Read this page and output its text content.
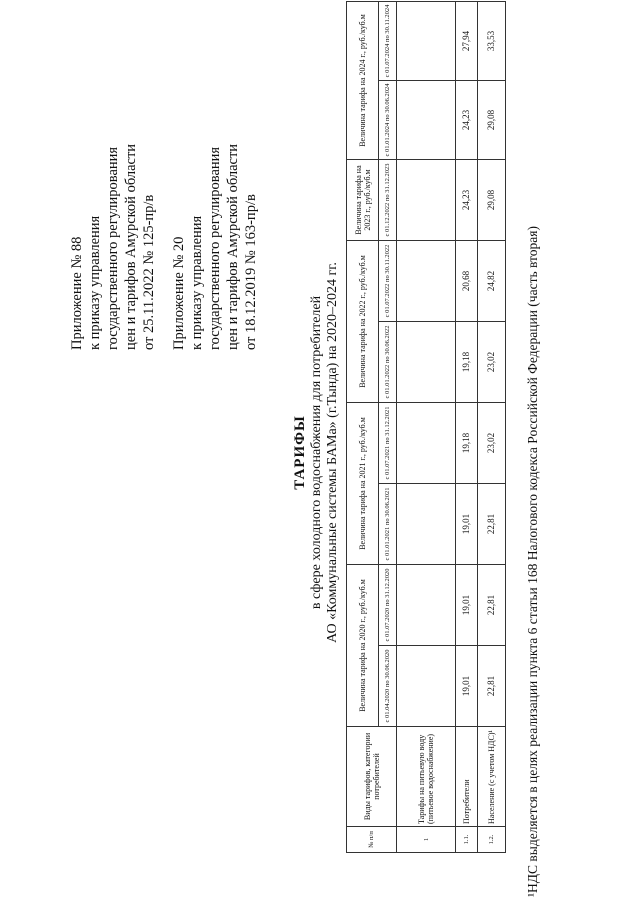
Приложение № 88 к приказу управления государственного регулирования цен и тарифов Амурской области от 25.11.2022 № 125-пр/в Приложение № 20 к приказу управления государственного регулирования цен и тарифов Амурской области от 18.12.2019 № 163-пр/в
ТАРИФЫ в сфере холодного водоснабжения для потребителей АО «Коммунальные системы БАМа» (г.Тында) на 2020–2024 гг.
№ п/п	Виды тарифов, категории потребителей	Величина тарифа на 2020 г., руб./куб.м		Величина тарифа на 2021 г., руб./куб.м		Величина тарифа на 2022 г., руб./куб.м		Величина тарифа на 2023 г., руб./куб.м	Величина тарифа на 2024 г., руб./куб.м	
		с 01.04.2020 по 30.06.2020	с 01.07.2020 по 31.12.2020	с 01.01.2021 по 30.06.2021	с 01.07.2021 по 31.12.2021	с 01.01.2022 по 30.06.2022	с 01.07.2022 по 30.11.2022	с 01.12.2022 по 31.12.2023	с 01.01.2024 по 30.06.2024	с 01.07.2024 по 30.11.2024
1	Тарифы на питьевую воду (питьевое водоснабжение)									
1.1.	Потребители	19,01	19,01	19,01	19,18	19,18	20,68	24,23	24,23	27,94
1.2.	Население (с учетом НДС)¹	22,81	22,81	22,81	23,02	23,02	24,82	29,08	29,08	33,53
¹НДС выделяется в целях реализации пункта 6 статьи 168 Налогового кодекса Российской Федерации (часть вторая)
